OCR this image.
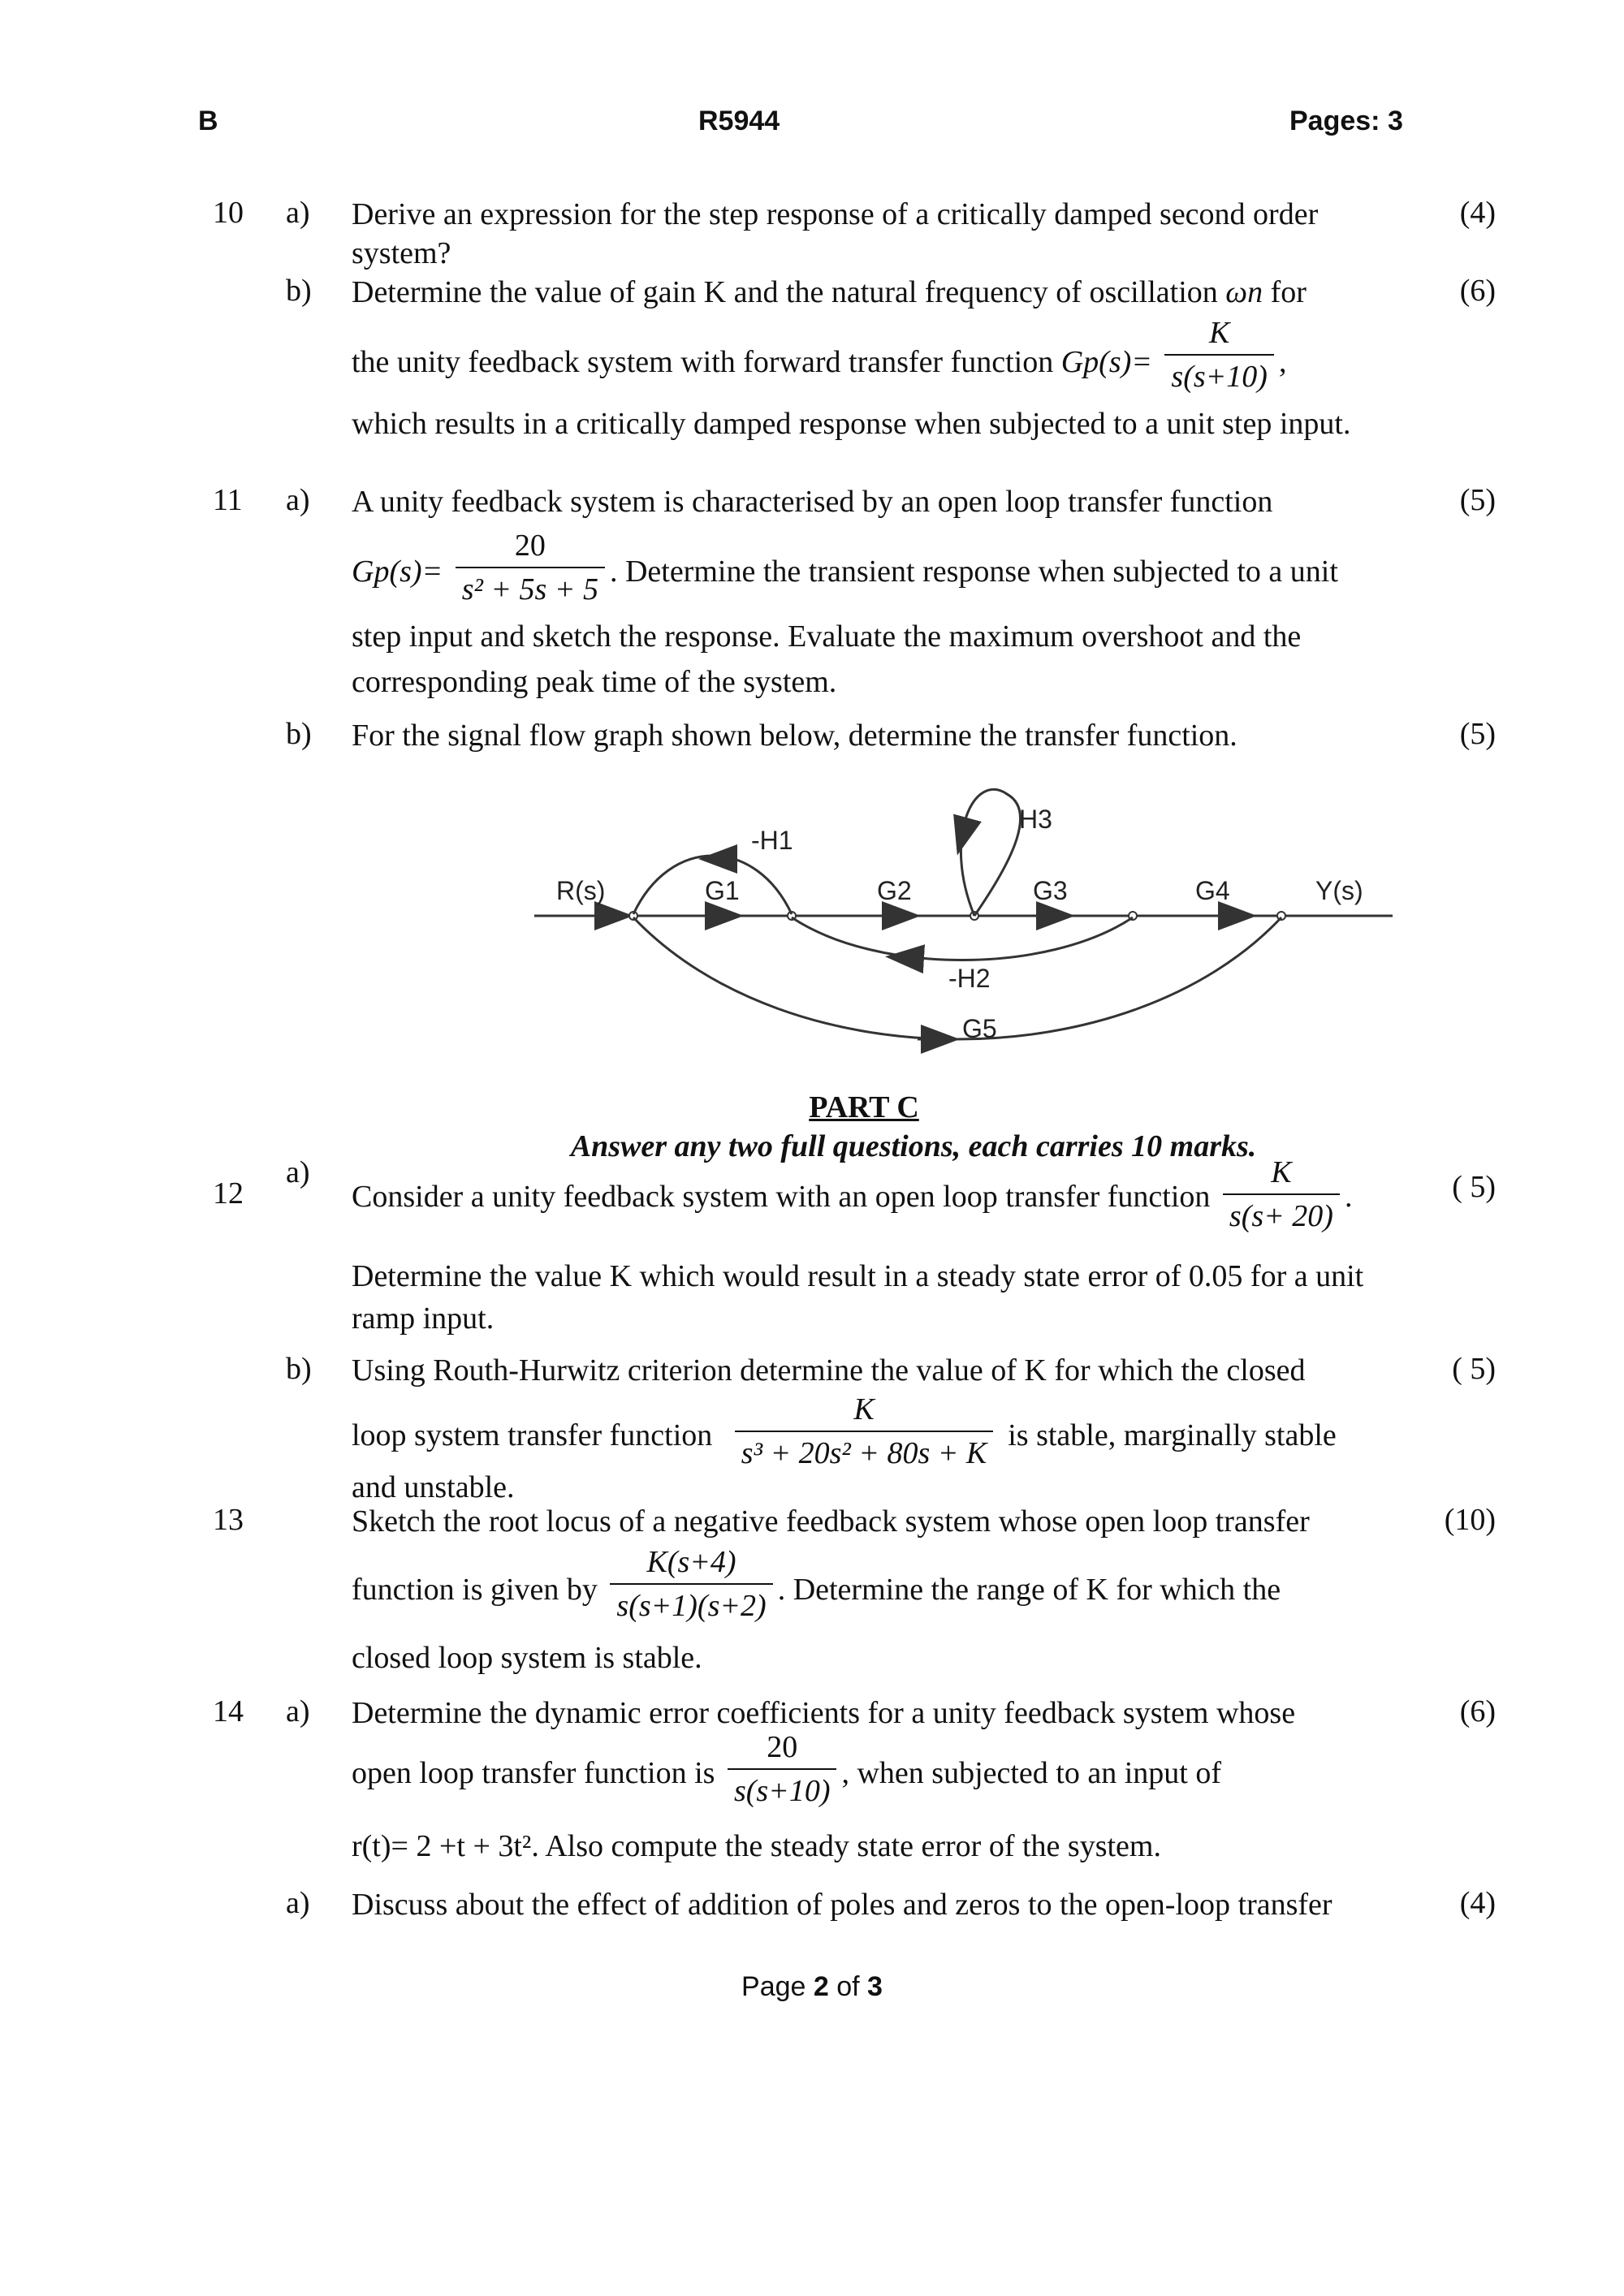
B	R5944	Pages: 3
10 a) Derive an expression for the step response of a critically damped second order system?
(4)
b) Determine the value of gain K and the natural frequency of oscillation ωn for	(6)
the unity feedback system with forward transfer function $Gp(s)= \frac{K}{s(s+10)}$ ,
which results in a critically damped response when subjected to a unit step input.
11 a) A unity feedback system is characterised by an open loop transfer function	(5)
$Gp(s)= \frac{20}{\text{s² + 5s + 5}}$ . Determine the transient response when subjected to a unit
step input and sketch the response. Evaluate the maximum overshoot and the corresponding peak time of the system.
b) For the signal flow graph shown below, determine the transfer function.	(5)
R(s)	G1	G2	G3	G4	Y(s)
-H1
H3
-H2
G5
PART C
Answer any two full questions, each carries 10 marks.
a)
12	Consider a unity feedback system with an open loop transfer function $\frac{K}{s(s+ 20)}$ .	( 5)
Determine the value K which would result in a steady state error of 0.05 for a unit ramp input.
b) Using Routh-Hurwitz criterion determine the value of K for which the closed	( 5)
loop system transfer function $\frac{K}{\text{s³ + 20s² + 80s + K}}$ is stable, marginally stable
and unstable.
13	Sketch the root locus of a negative feedback system whose open loop transfer	(10)
function is given by $\frac{K(s+4)}{s(s+1)(s+2)}$ . Determine the range of K for which the
closed loop system is stable.
14 a) Determine the dynamic error coefficients for a unity feedback system whose	(6)
open loop transfer function is $\frac{20}{s(s+10)}$ , when subjected to an input of
r(t)= 2 +t + 3t². Also compute the steady state error of the system.
a) Discuss about the effect of addition of poles and zeros to the open-loop transfer	(4)
Page 2 of 3
